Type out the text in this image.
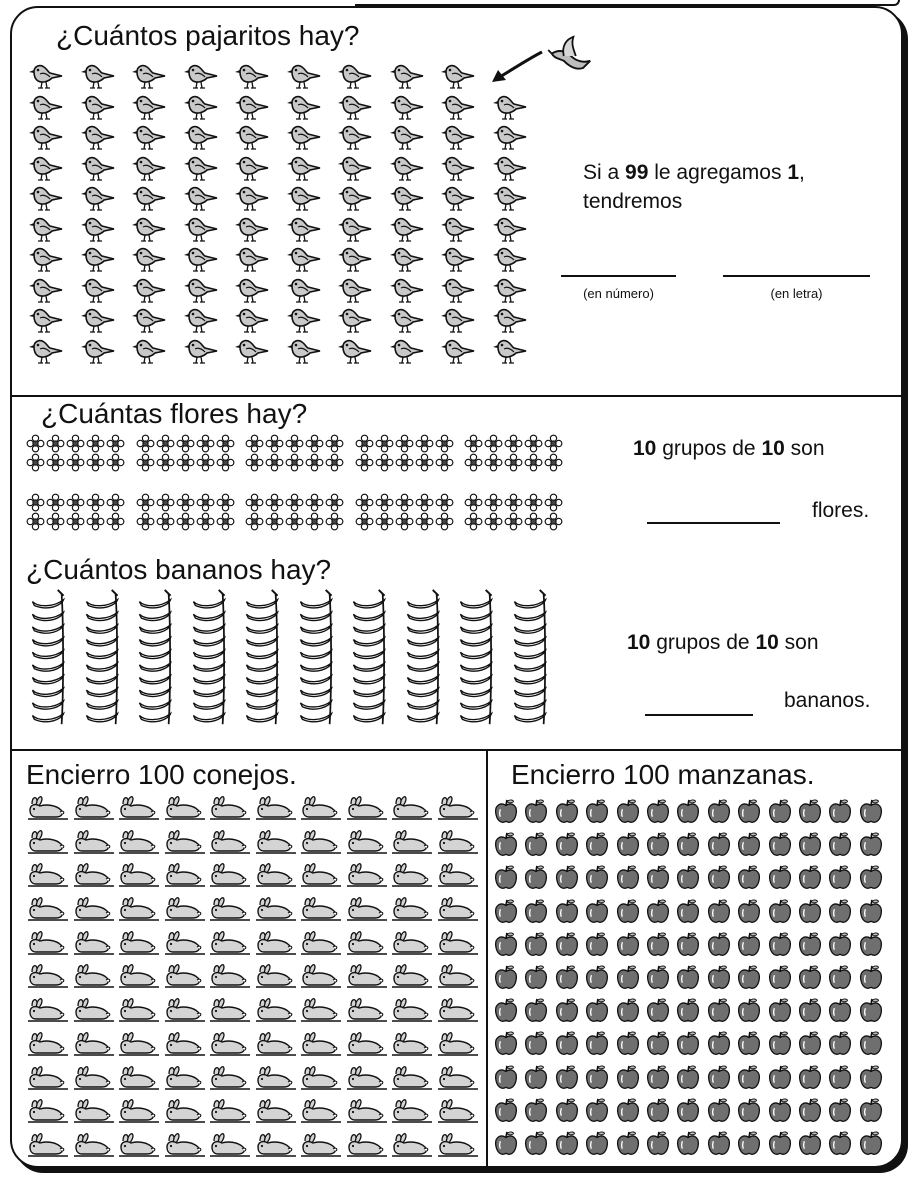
¿Cuántos pajaritos hay?
Si a 99 le agregamos 1,
tendremos
(en número)	(en letra)
¿Cuántas flores hay?
10 grupos de 10 son
flores.
¿Cuántos bananos hay?
10 grupos de 10 son
bananos.
Encierro 100 conejos.	Encierro 100 manzanas.
